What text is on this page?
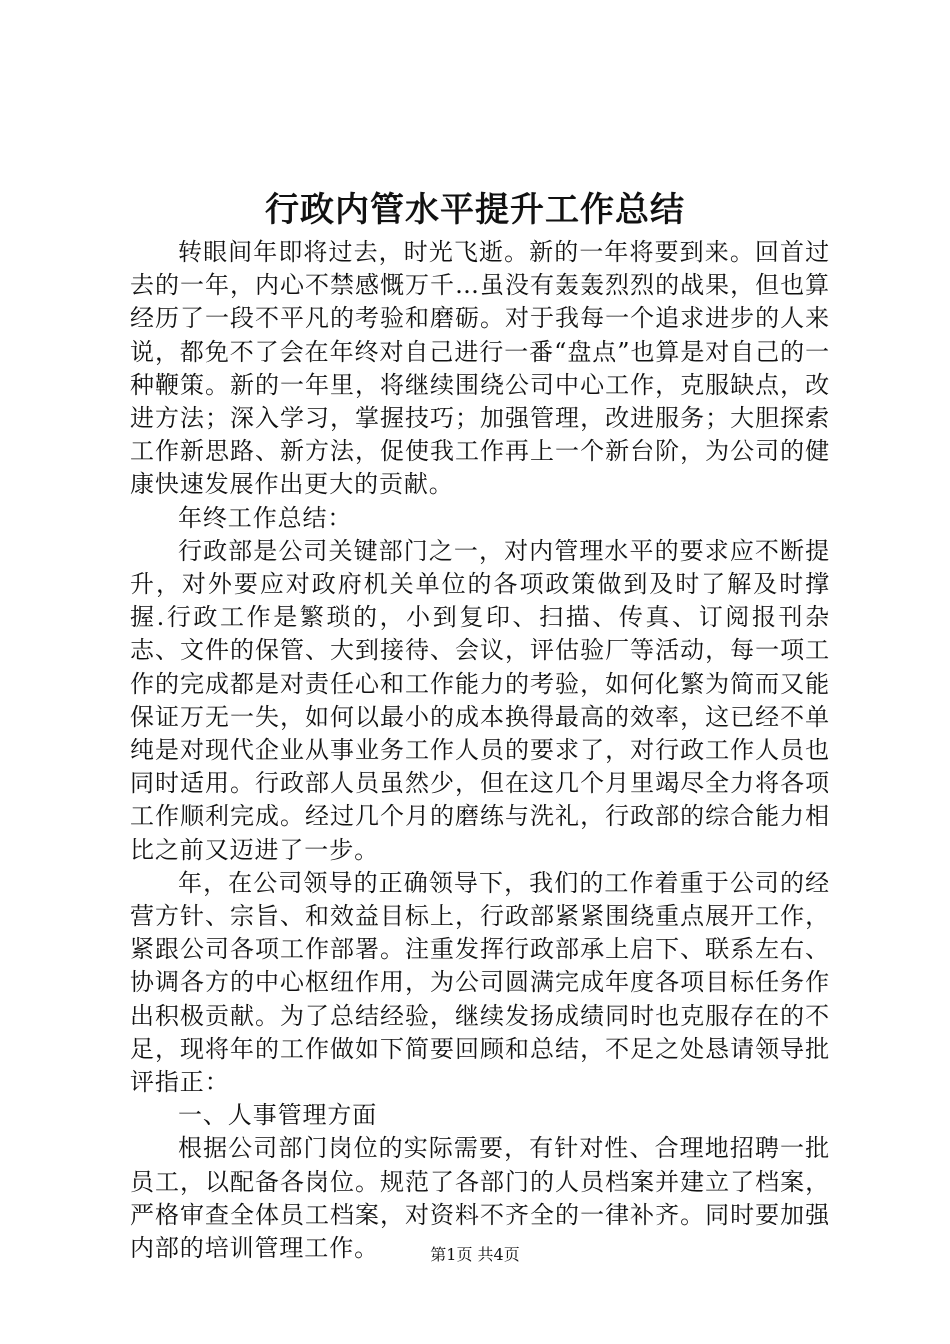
行政内管水平提升工作总结

转眼间年即将过去，时光飞逝。新的一年将要到来。回首过去的一年，内心不禁感慨万千…虽没有轰轰烈烈的战果，但也算经历了一段不平凡的考验和磨砺。对于我每一个追求进步的人来说，都免不了会在年终对自己进行一番“盘点”也算是对自己的一种鞭策。新的一年里，将继续围绕公司中心工作，克服缺点，改进方法；深入学习，掌握技巧；加强管理，改进服务；大胆探索工作新思路、新方法，促使我工作再上一个新台阶，为公司的健康快速发展作出更大的贡献。

年终工作总结：

行政部是公司关键部门之一，对内管理水平的要求应不断提升，对外要应对政府机关单位的各项政策做到及时了解及时撑握.行政工作是繁琐的，小到复印、扫描、传真、订阅报刊杂志、文件的保管、大到接待、会议，评估验厂等活动，每一项工作的完成都是对责任心和工作能力的考验，如何化繁为简而又能保证万无一失，如何以最小的成本换得最高的效率，这已经不单纯是对现代企业从事业务工作人员的要求了，对行政工作人员也同时适用。行政部人员虽然少，但在这几个月里竭尽全力将各项工作顺利完成。经过几个月的磨练与洗礼，行政部的综合能力相比之前又迈进了一步。

年，在公司领导的正确领导下，我们的工作着重于公司的经营方针、宗旨、和效益目标上，行政部紧紧围绕重点展开工作，紧跟公司各项工作部署。注重发挥行政部承上启下、联系左右、协调各方的中心枢纽作用，为公司圆满完成年度各项目标任务作出积极贡献。为了总结经验，继续发扬成绩同时也克服存在的不足，现将年的工作做如下简要回顾和总结，不足之处恳请领导批评指正：

一、人事管理方面

根据公司部门岗位的实际需要，有针对性、合理地招聘一批员工，以配备各岗位。规范了各部门的人员档案并建立了档案，严格审查全体员工档案，对资料不齐全的一律补齐。同时要加强内部的培训管理工作。	第1页 共4页
